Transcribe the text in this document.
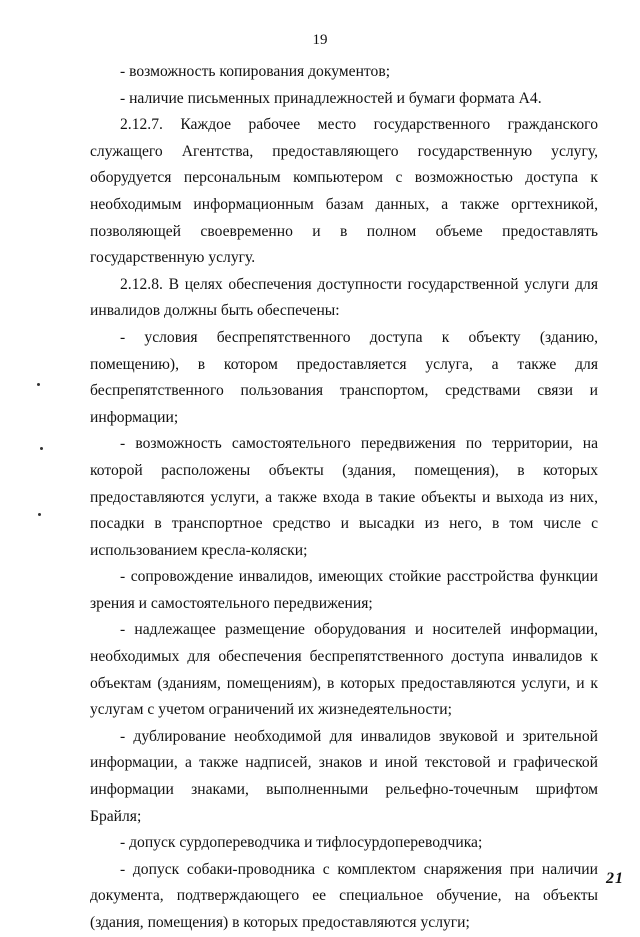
19

- возможность копирования документов;

- наличие письменных принадлежностей и бумаги формата А4.

2.12.7. Каждое рабочее место государственного гражданского служащего Агентства, предоставляющего государственную услугу, оборудуется персональным компьютером с возможностью доступа к необходимым информационным базам данных, а также оргтехникой, позволяющей своевременно и в полном объеме предоставлять государственную услугу.

2.12.8. В целях обеспечения доступности государственной услуги для инвалидов должны быть обеспечены:

- условия беспрепятственного доступа к объекту (зданию, помещению), в котором предоставляется услуга, а также для беспрепятственного пользования транспортом, средствами связи и информации;

- возможность самостоятельного передвижения по территории, на которой расположены объекты (здания, помещения), в которых предоставляются услуги, а также входа в такие объекты и выхода из них, посадки в транспортное средство и высадки из него, в том числе с использованием кресла-коляски;

- сопровождение инвалидов, имеющих стойкие расстройства функции зрения и самостоятельного передвижения;

- надлежащее размещение оборудования и носителей информации, необходимых для обеспечения беспрепятственного доступа инвалидов к объектам (зданиям, помещениям), в которых предоставляются услуги, и к услугам с учетом ограничений их жизнедеятельности;

- дублирование необходимой для инвалидов звуковой и зрительной информации, а также надписей, знаков и иной текстовой и графической информации знаками, выполненными рельефно-точечным шрифтом Брайля;

- допуск сурдопереводчика и тифлосурдопереводчика;

- допуск собаки-проводника с комплектом снаряжения при наличии документа, подтверждающего ее специальное обучение, на объекты (здания, помещения) в которых предоставляются услуги;

21
